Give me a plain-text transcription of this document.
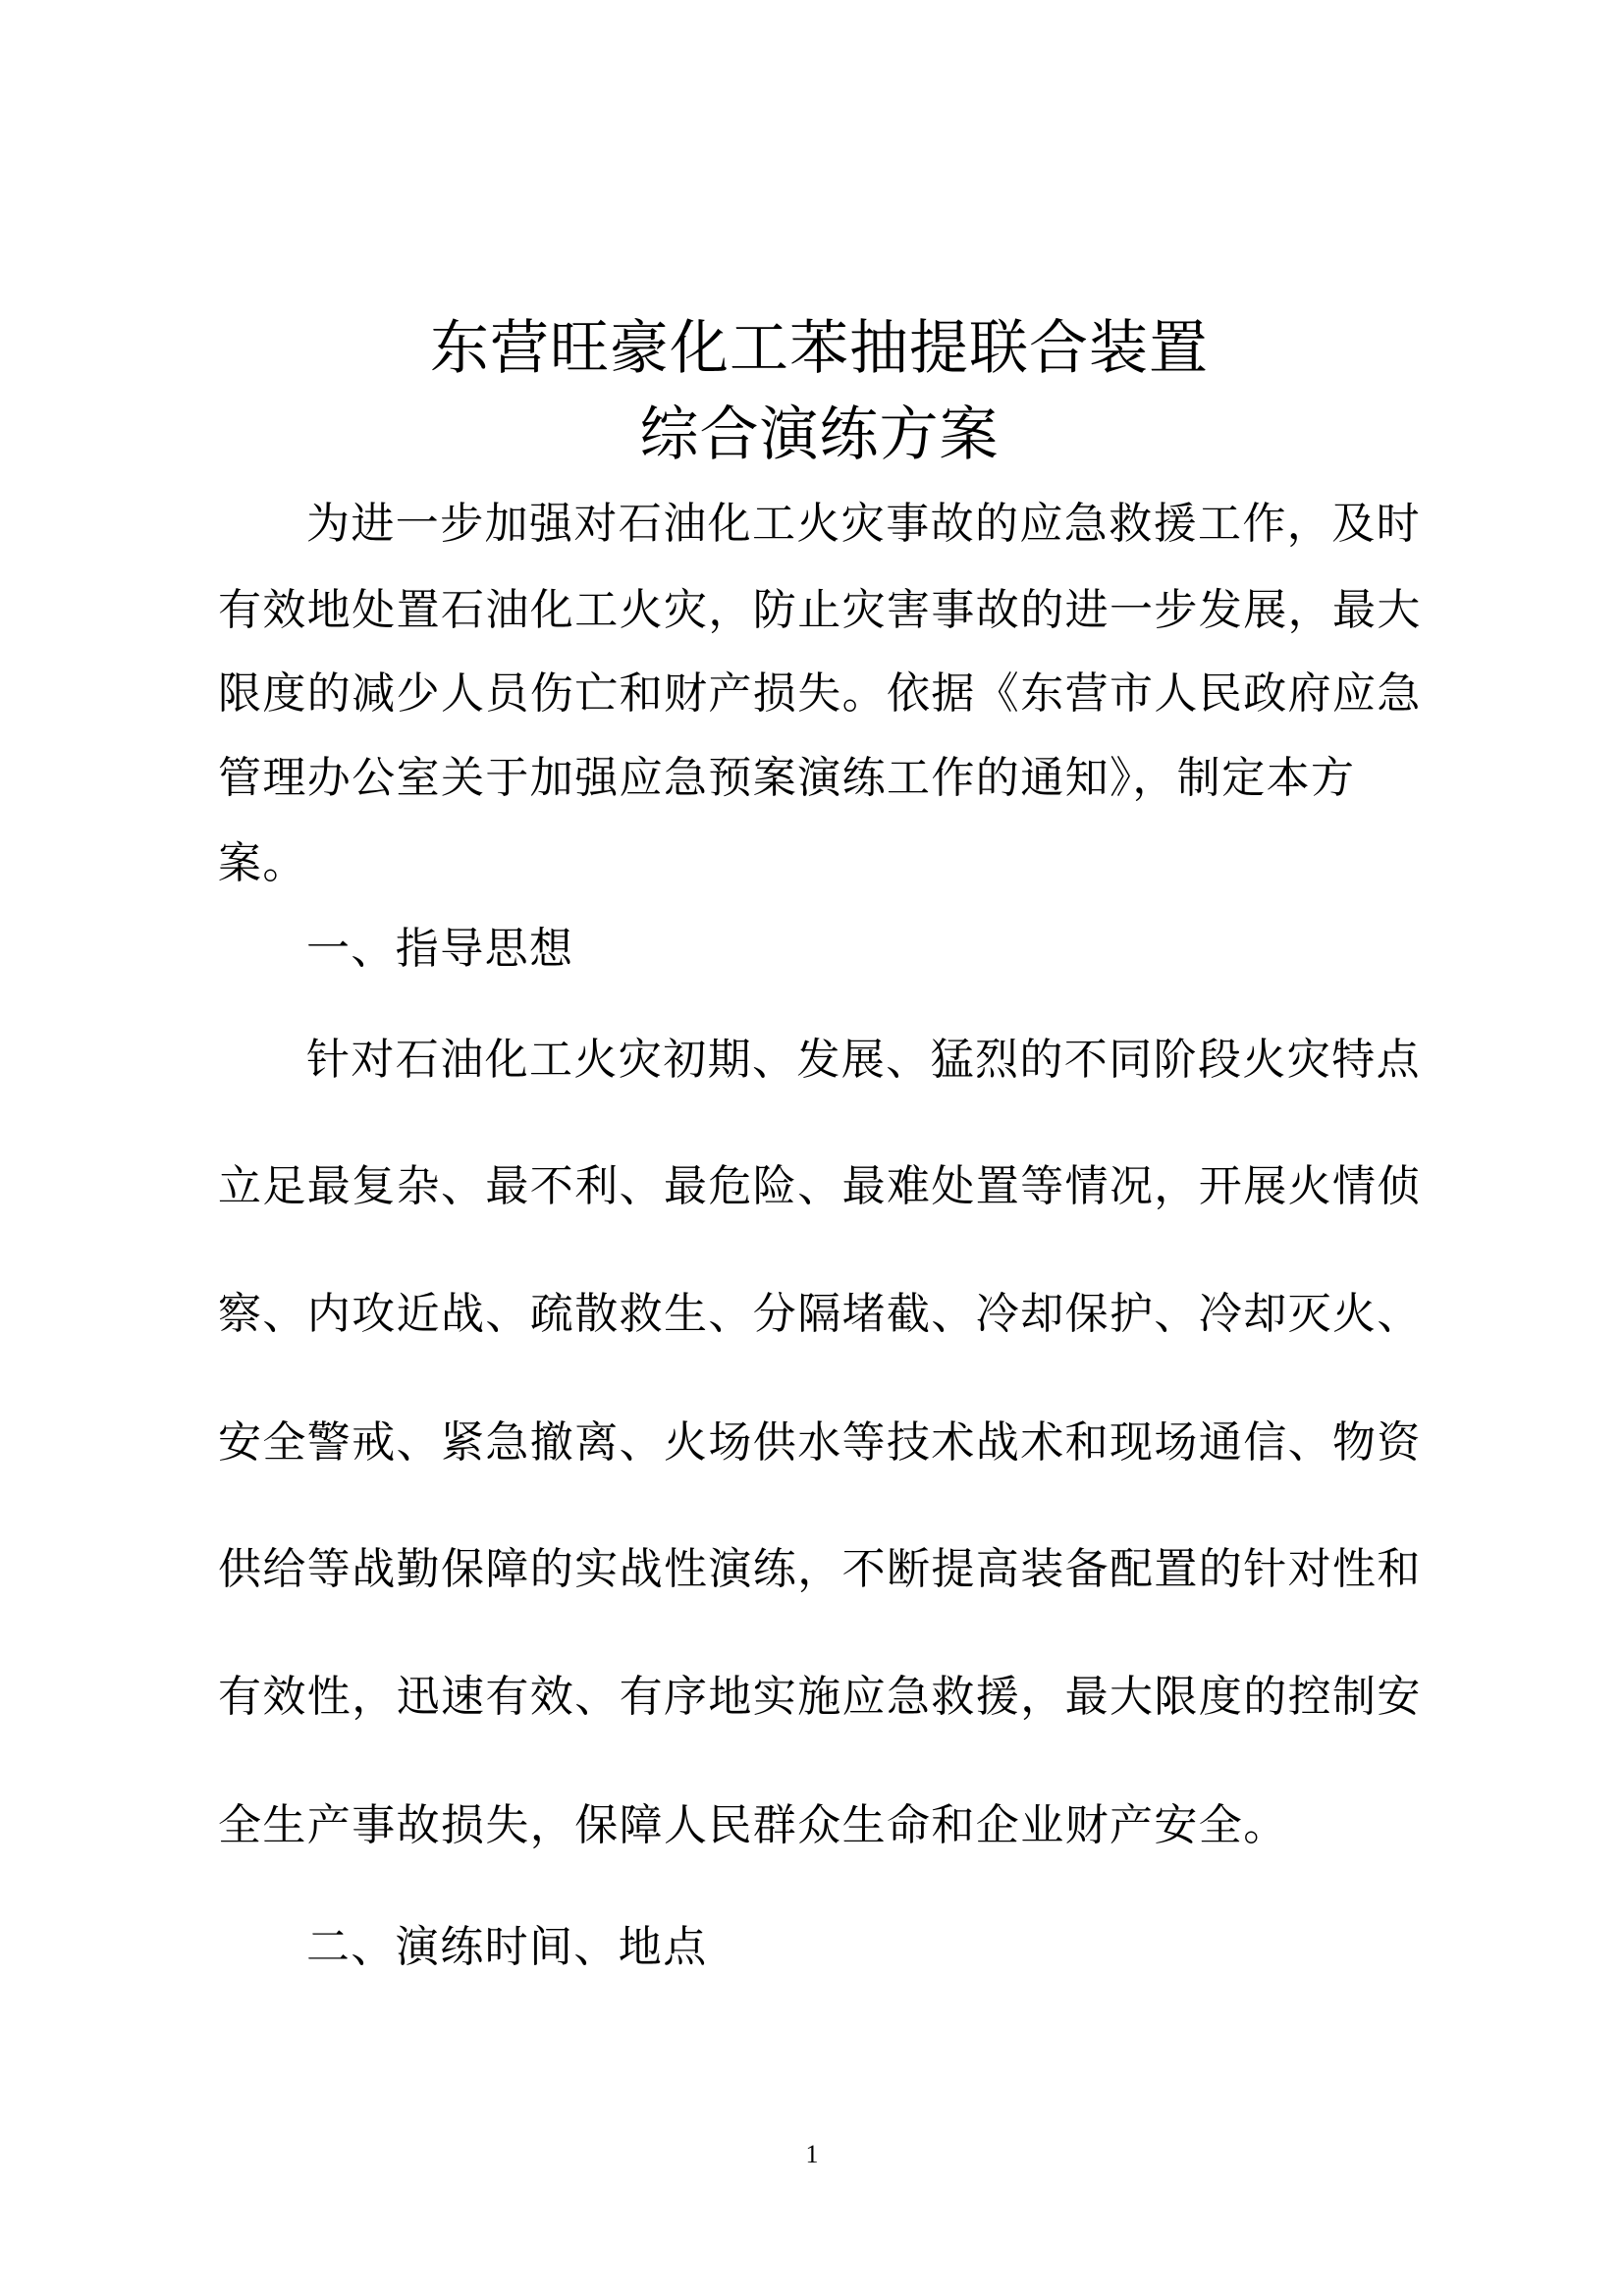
东营旺豪化工苯抽提联合装置
综合演练方案
为进一步加强对石油化工火灾事故的应急救援工作，及时
有效地处置石油化工火灾，防止灾害事故的进一步发展，最大
限度的减少人员伤亡和财产损失。依据《东营市人民政府应急
管理办公室关于加强应急预案演练工作的通知》，制定本方
案。
一、指导思想
针对石油化工火灾初期、发展、猛烈的不同阶段火灾特点
立足最复杂、最不利、最危险、最难处置等情况，开展火情侦
察、内攻近战、疏散救生、分隔堵截、冷却保护、冷却灭火、
安全警戒、紧急撤离、火场供水等技术战术和现场通信、物资
供给等战勤保障的实战性演练，不断提高装备配置的针对性和
有效性，迅速有效、有序地实施应急救援，最大限度的控制安
全生产事故损失，保障人民群众生命和企业财产安全。
二、演练时间、地点
1
